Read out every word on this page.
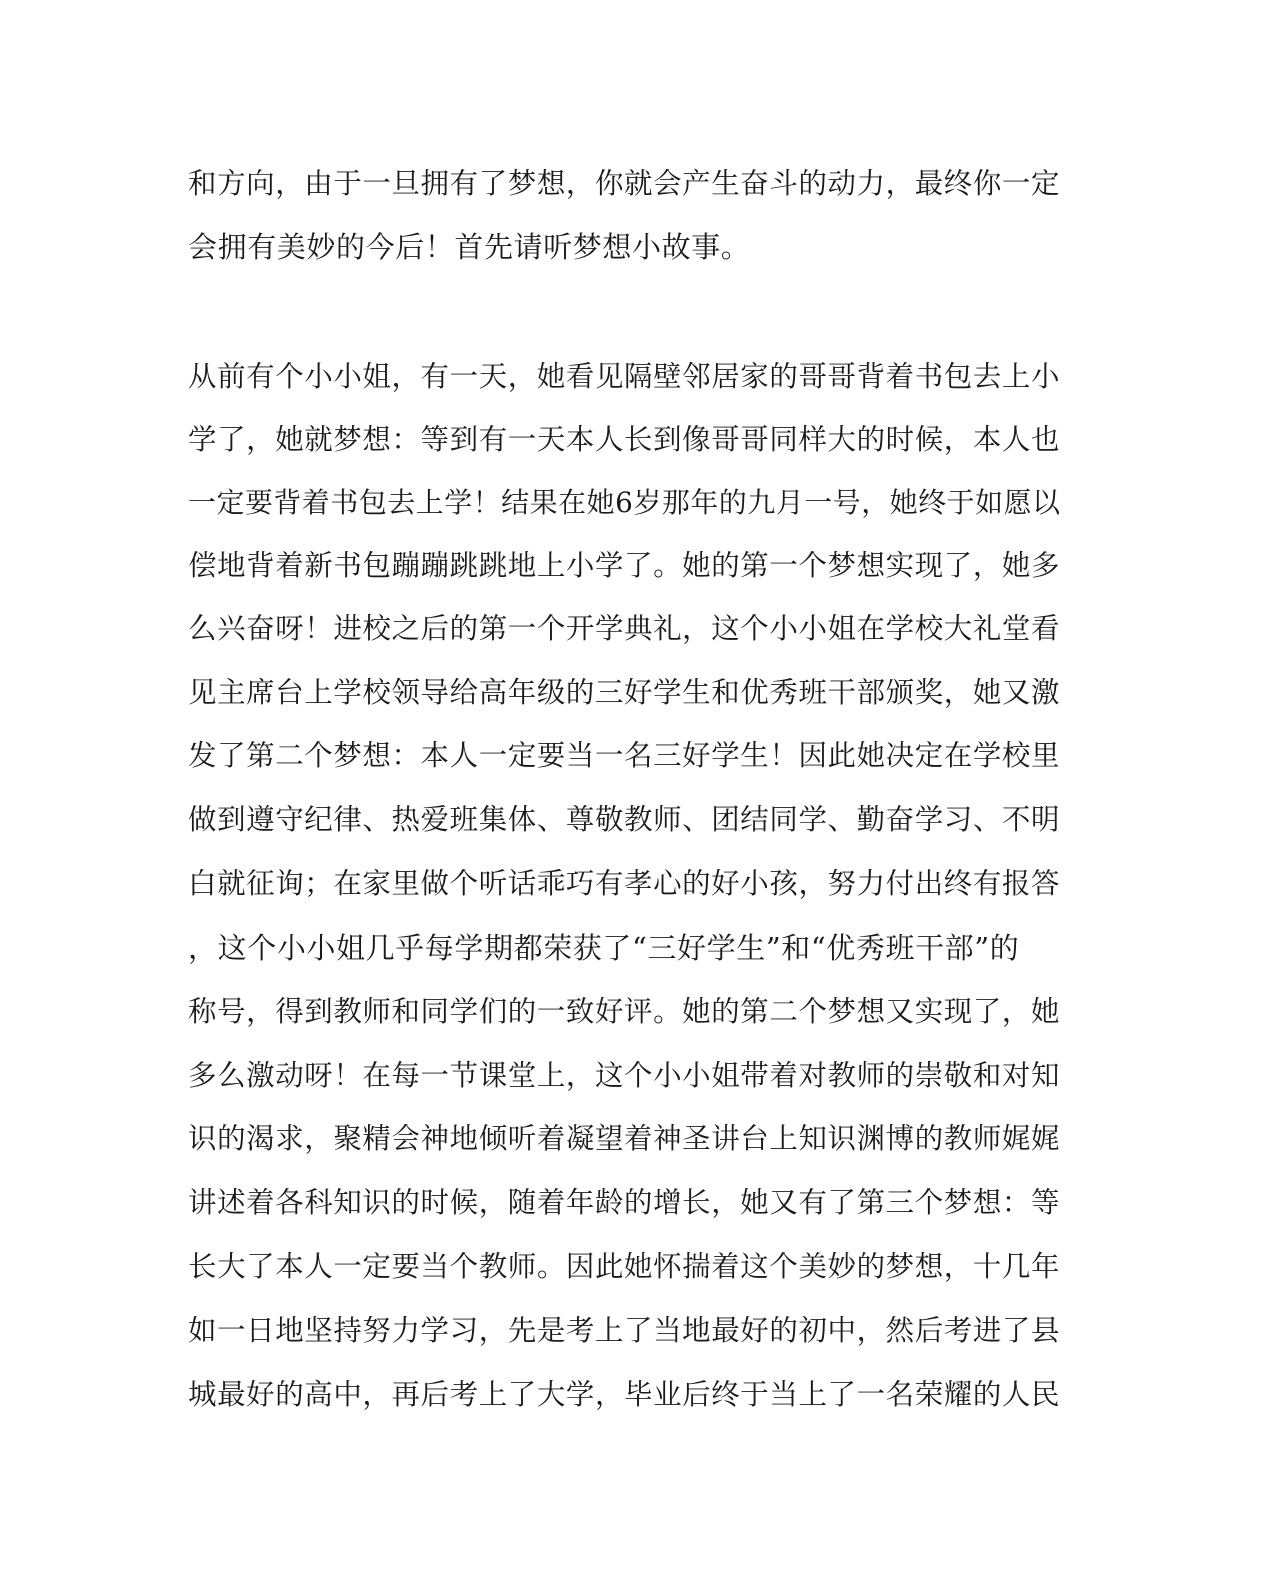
和方向，由于一旦拥有了梦想，你就会产生奋斗的动力，最终你一定

会拥有美妙的今后！首先请听梦想小故事。

从前有个小小姐，有一天，她看见隔壁邻居家的哥哥背着书包去上小

学了，她就梦想：等到有一天本人长到像哥哥同样大的时候，本人也

一定要背着书包去上学！结果在她6岁那年的九月一号，她终于如愿以

偿地背着新书包蹦蹦跳跳地上小学了。她的第一个梦想实现了，她多

么兴奋呀！进校之后的第一个开学典礼，这个小小姐在学校大礼堂看

见主席台上学校领导给高年级的三好学生和优秀班干部颁奖，她又激

发了第二个梦想：本人一定要当一名三好学生！因此她决定在学校里

做到遵守纪律、热爱班集体、尊敬教师、团结同学、勤奋学习、不明

白就征询；在家里做个听话乖巧有孝心的好小孩，努力付出终有报答

，这个小小姐几乎每学期都荣获了“三好学生”和“优秀班干部”的

称号，得到教师和同学们的一致好评。她的第二个梦想又实现了，她

多么激动呀！在每一节课堂上，这个小小姐带着对教师的崇敬和对知

识的渴求，聚精会神地倾听着凝望着神圣讲台上知识渊博的教师娓娓

讲述着各科知识的时候，随着年龄的增长，她又有了第三个梦想：等

长大了本人一定要当个教师。因此她怀揣着这个美妙的梦想，十几年

如一日地坚持努力学习，先是考上了当地最好的初中，然后考进了县

城最好的高中，再后考上了大学，毕业后终于当上了一名荣耀的人民
